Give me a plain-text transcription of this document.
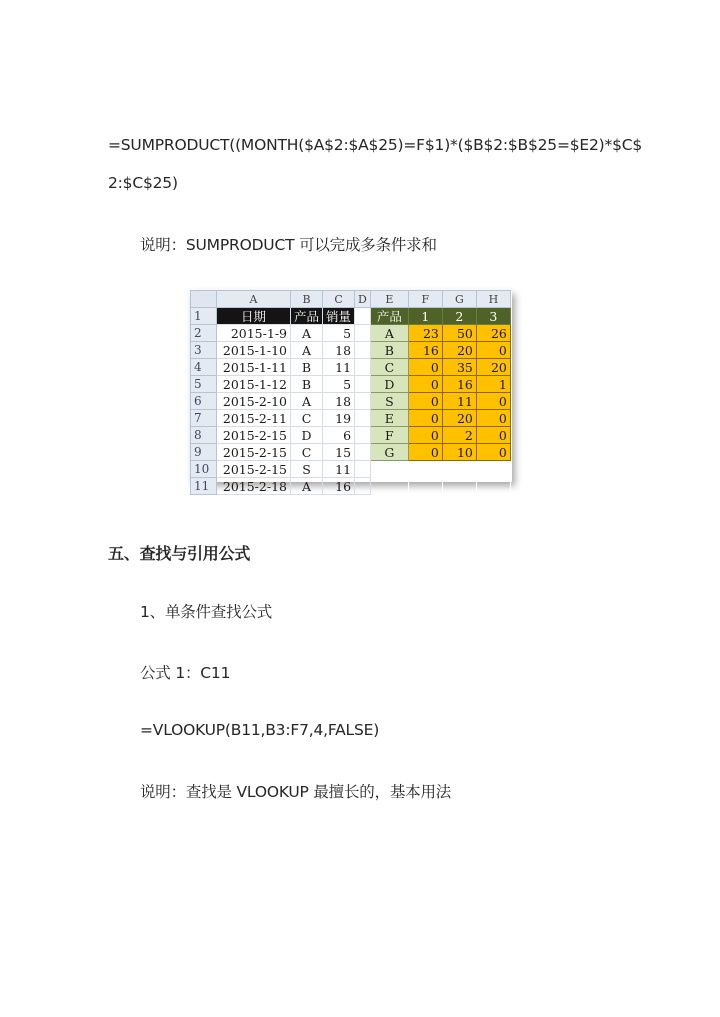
=SUMPRODUCT((MONTH($A$2:$A$25)=F$1)*($B$2:$B$25=$E2)*$C$
2:$C$25)
说明：SUMPRODUCT 可以完成多条件求和
	A	B	C	D	E	F	G	H
1	日期	产品	销量		产品	1	2	3
2	2015-1-9	A	5		A	23	50	26
3	2015-1-10	A	18		B	16	20	0
4	2015-1-11	B	11		C	0	35	20
5	2015-1-12	B	5		D	0	16	1
6	2015-2-10	A	18		S	0	11	0
7	2015-2-11	C	19		E	0	20	0
8	2015-2-15	D	6		F	0	2	0
9	2015-2-15	C	15		G	0	10	0
10	2015-2-15	S	11					
11	2015-2-18	A	16					
五、查找与引用公式
1、单条件查找公式
公式 1：C11
=VLOOKUP(B11,B3:F7,4,FALSE)
说明：查找是 VLOOKUP 最擅长的，基本用法
